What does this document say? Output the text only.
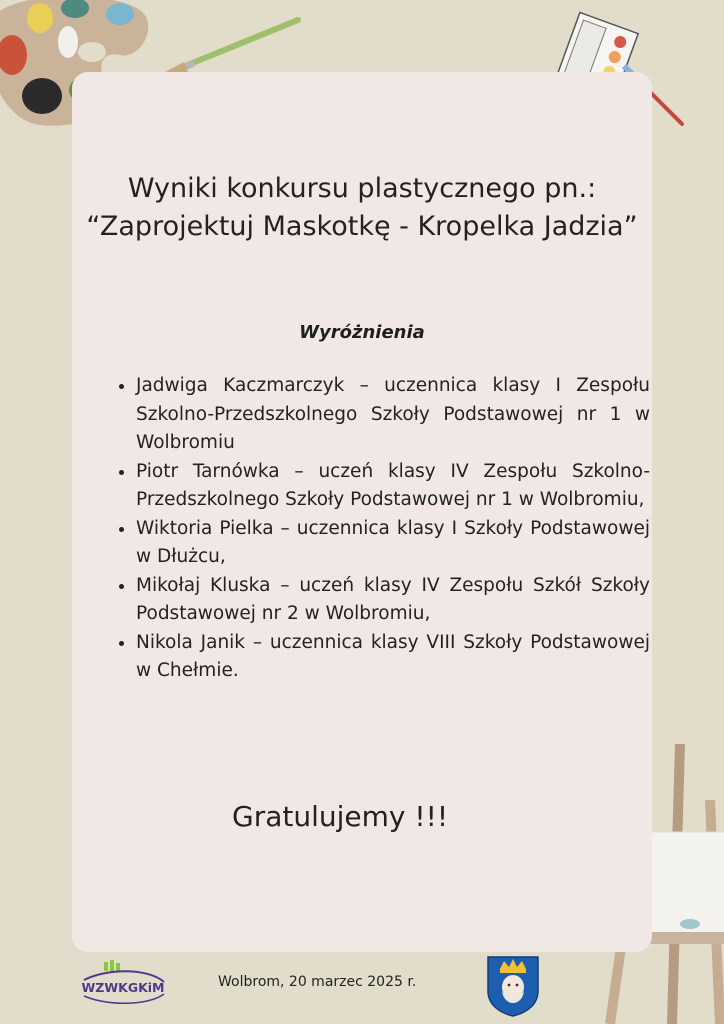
Wyniki konkursu plastycznego pn.:
“Zaprojektuj Maskotkę - Kropelka Jadzia”
Wyróżnienia
• Jadwiga Kaczmarczyk – uczennica klasy I Zespołu Szkolno-Przedszkolnego Szkoły Podstawowej nr 1 w Wolbromiu
• Piotr Tarnówka – uczeń klasy IV Zespołu Szkolno-Przedszkolnego Szkoły Podstawowej nr 1 w Wolbromiu,
• Wiktoria Pielka – uczennica klasy I Szkoły Podstawowej w Dłużcu,
• Mikołaj Kluska – uczeń klasy IV Zespołu Szkół Szkoły Podstawowej nr 2 w Wolbromiu,
• Nikola Janik – uczennica klasy VIII Szkoły Podstawowej w Chełmie.
Gratulujemy !!!
WZWKGKiM	Wolbrom, 20 marzec 2025 r.
